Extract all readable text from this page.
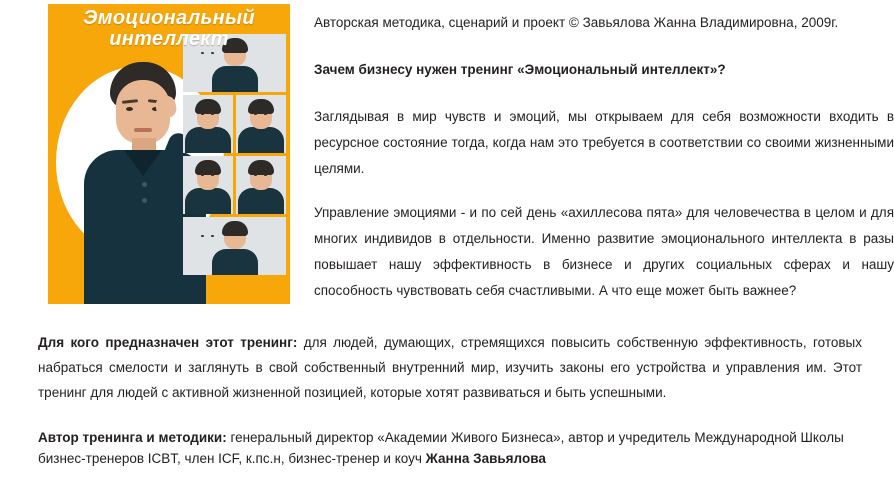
Эмоциональный
интеллект

Авторская методика, сценарий и проект © Завьялова Жанна Владимировна, 2009г.

Зачем бизнесу нужен тренинг «Эмоциональный интеллект»?

Заглядывая в мир чувств и эмоций, мы открываем для себя возможности входить в ресурсное состояние тогда, когда нам это требуется в соответствии со своими жизненными целями.

Управление эмоциями - и по сей день «ахиллесова пята» для человечества в целом и для многих индивидов в отдельности. Именно развитие эмоционального интеллекта в разы повышает нашу эффективность в бизнесе и других социальных сферах и нашу способность чувствовать себя счастливыми. А что еще может быть важнее?

Для кого предназначен этот тренинг: для людей, думающих, стремящихся повысить собственную эффективность, готовых набраться смелости и заглянуть в свой собственный внутренний мир, изучить законы его устройства и управления им. Этот тренинг для людей с активной жизненной позицией, которые хотят развиваться и быть успешными.

Автор тренинга и методики: генеральный директор «Академии Живого Бизнеса», автор и учредитель Международной Школы бизнес-тренеров ICBT, член ICF, к.пс.н, бизнес-тренер и коуч Жанна Завьялова
